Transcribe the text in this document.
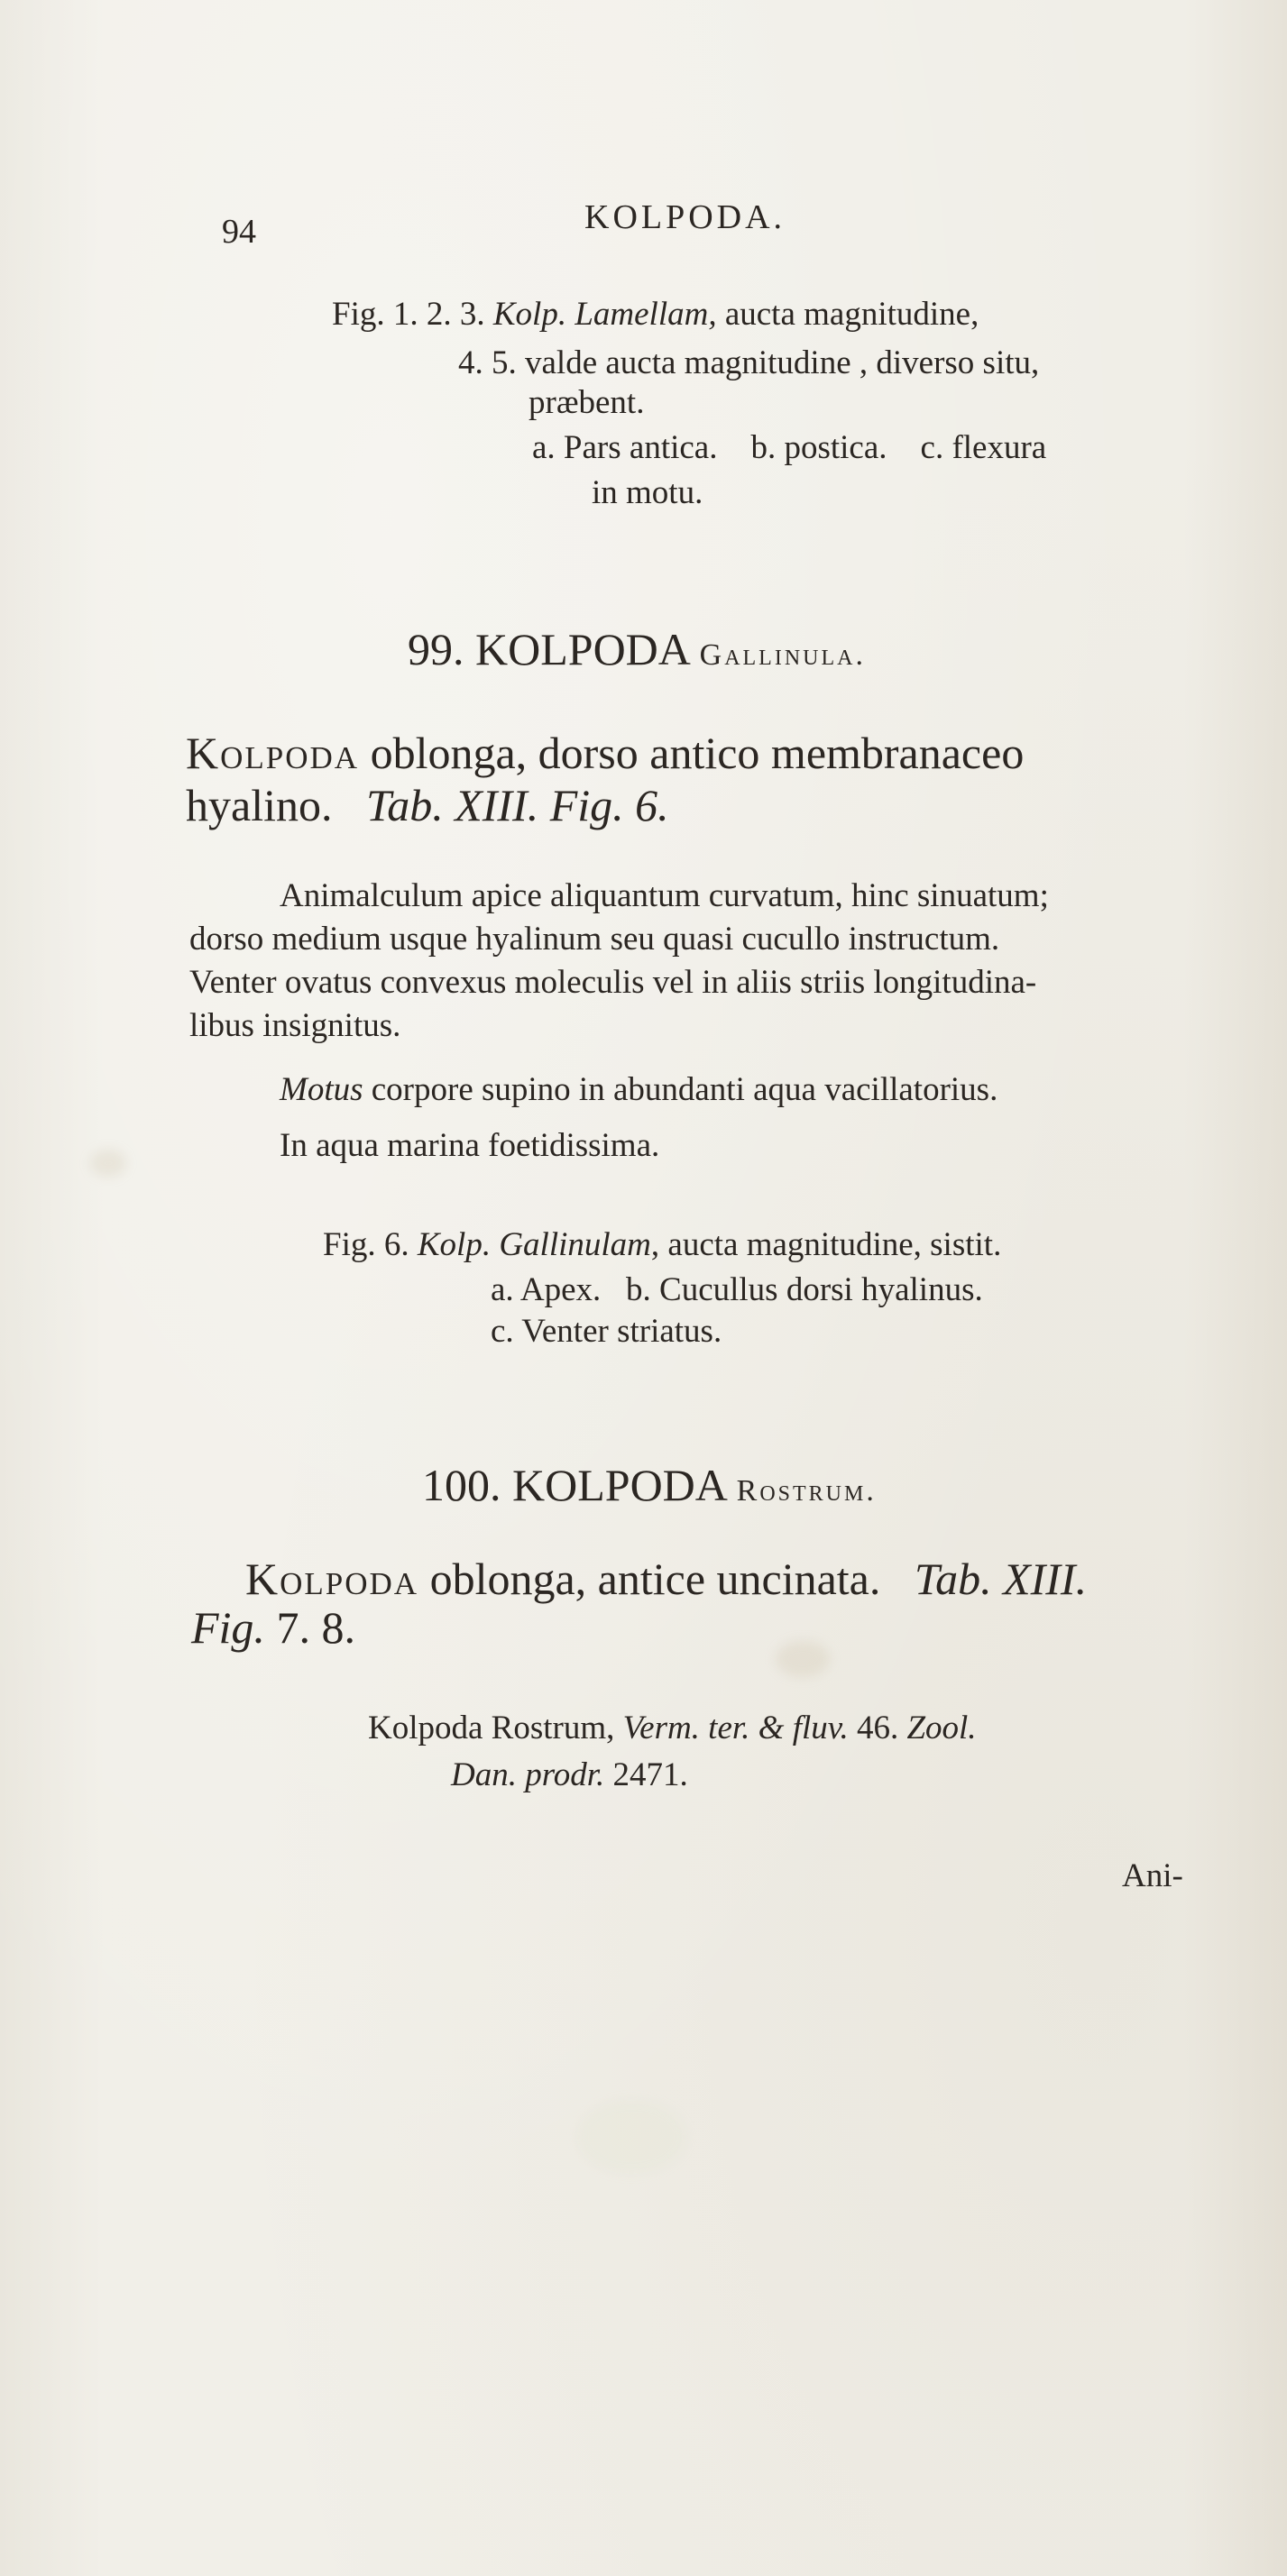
94	KOLPODA.
Fig. 1. 2. 3. Kolp. Lamellam, aucta magnitudine,
4. 5. valde aucta magnitudine , diverso situ,
præbent.
a. Pars antica.    b. postica.    c. flexura
in motu.
99. KOLPODA Gallinula.
Kolpoda oblonga, dorso antico membranaceo
hyalino. Tab. XIII. Fig. 6.
Animalculum apice aliquantum curvatum, hinc sinuatum;
dorso medium usque hyalinum seu quasi cucullo instructum.
Venter ovatus convexus moleculis vel in aliis striis longitudina-
libus insignitus.
Motus corpore supino in abundanti aqua vacillatorius.
In aqua marina foetidissima.
Fig. 6. Kolp. Gallinulam, aucta magnitudine, sistit.
a. Apex.   b. Cucullus dorsi hyalinus.
c. Venter striatus.
100. KOLPODA Rostrum.
Kolpoda oblonga, antice uncinata. Tab. XIII.
Fig. 7. 8.
Kolpoda Rostrum, Verm. ter. & fluv. 46. Zool.
Dan. prodr. 2471.
Ani-
